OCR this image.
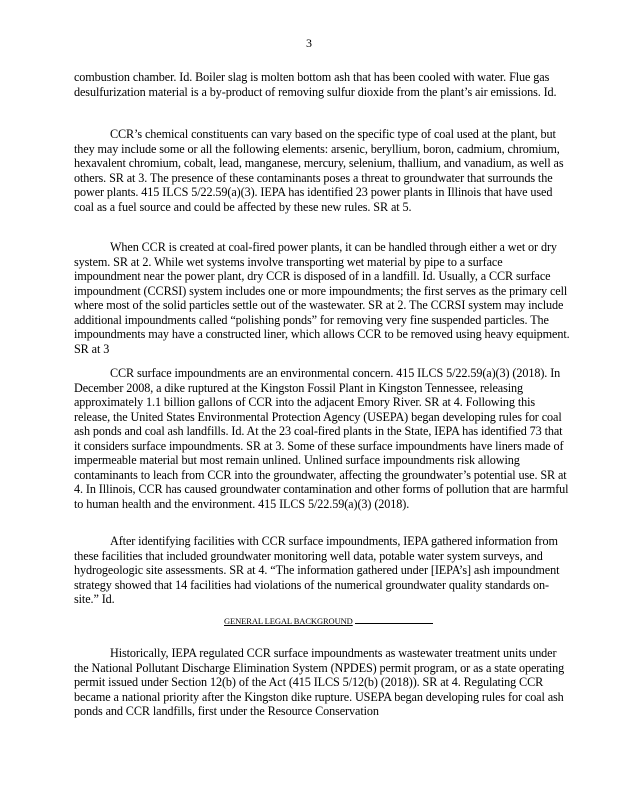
3

combustion chamber. Id. Boiler slag is molten bottom ash that has been cooled with water. Flue gas desulfurization material is a by-product of removing sulfur dioxide from the plant’s air emissions. Id.

CCR’s chemical constituents can vary based on the specific type of coal used at the plant, but they may include some or all the following elements: arsenic, beryllium, boron, cadmium, chromium, hexavalent chromium, cobalt, lead, manganese, mercury, selenium, thallium, and vanadium, as well as others. SR at 3. The presence of these contaminants poses a threat to groundwater that surrounds the power plants. 415 ILCS 5/22.59(a)(3). IEPA has identified 23 power plants in Illinois that have used coal as a fuel source and could be affected by these new rules. SR at 5.

When CCR is created at coal-fired power plants, it can be handled through either a wet or dry system. SR at 2. While wet systems involve transporting wet material by pipe to a surface impoundment near the power plant, dry CCR is disposed of in a landfill. Id. Usually, a CCR surface impoundment (CCRSI) system includes one or more impoundments; the first serves as the primary cell where most of the solid particles settle out of the wastewater. SR at 2. The CCRSI system may include additional impoundments called “polishing ponds” for removing very fine suspended particles. The impoundments may have a constructed liner, which allows CCR to be removed using heavy equipment. SR at 3

CCR surface impoundments are an environmental concern. 415 ILCS 5/22.59(a)(3) (2018). In December 2008, a dike ruptured at the Kingston Fossil Plant in Kingston Tennessee, releasing approximately 1.1 billion gallons of CCR into the adjacent Emory River. SR at 4. Following this release, the United States Environmental Protection Agency (USEPA) began developing rules for coal ash ponds and coal ash landfills. Id. At the 23 coal-fired plants in the State, IEPA has identified 73 that it considers surface impoundments. SR at 3. Some of these surface impoundments have liners made of impermeable material but most remain unlined. Unlined surface impoundments risk allowing contaminants to leach from CCR into the groundwater, affecting the groundwater’s potential use. SR at 4. In Illinois, CCR has caused groundwater contamination and other forms of pollution that are harmful to human health and the environment. 415 ILCS 5/22.59(a)(3) (2018).

After identifying facilities with CCR surface impoundments, IEPA gathered information from these facilities that included groundwater monitoring well data, potable water system surveys, and hydrogeologic site assessments. SR at 4. “The information gathered under [IEPA’s] ash impoundment strategy showed that 14 facilities had violations of the numerical groundwater quality standards on-site.” Id.

GENERAL LEGAL BACKGROUND

Historically, IEPA regulated CCR surface impoundments as wastewater treatment units under the National Pollutant Discharge Elimination System (NPDES) permit program, or as a state operating permit issued under Section 12(b) of the Act (415 ILCS 5/12(b) (2018)). SR at 4. Regulating CCR became a national priority after the Kingston dike rupture. USEPA began developing rules for coal ash ponds and CCR landfills, first under the Resource Conservation
